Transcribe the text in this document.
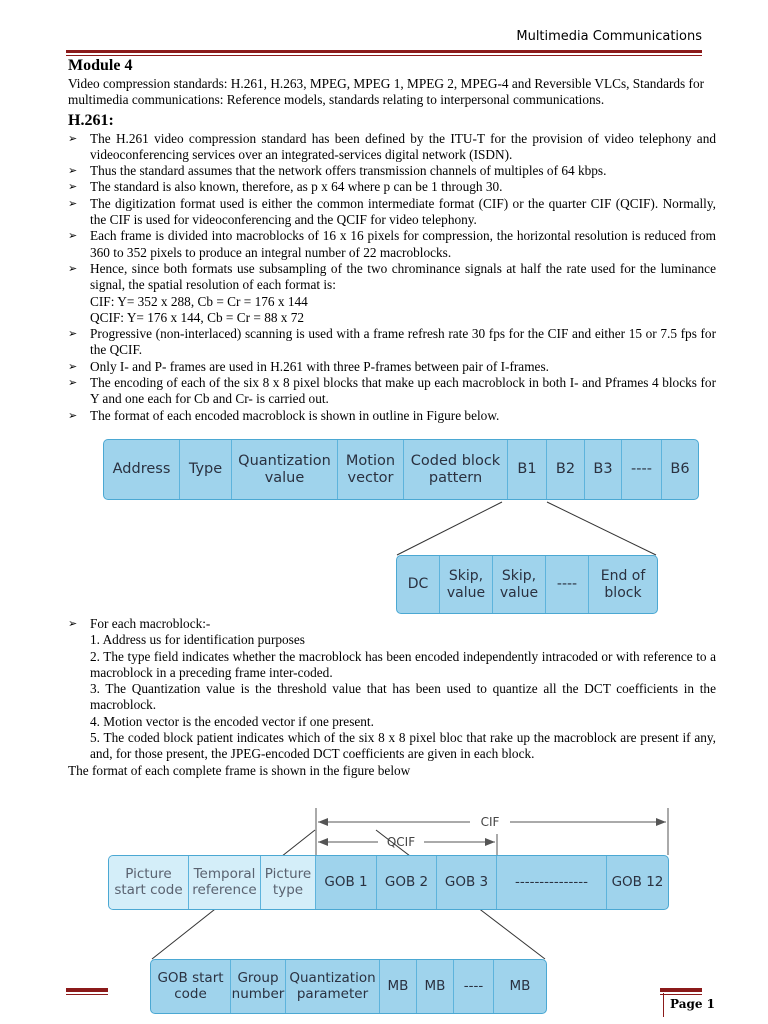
Multimedia Communications
Module 4

Video compression standards: H.261, H.263, MPEG, MPEG 1, MPEG 2, MPEG-4 and Reversible VLCs, Standards for multimedia communications: Reference models, standards relating to interpersonal communications.

H.261:
➢ The H.261 video compression standard has been defined by the ITU-T for the provision of video telephony and videoconferencing services over an integrated-services digital network (ISDN).
➢ Thus the standard assumes that the network offers transmission channels of multiples of 64 kbps.
➢ The standard is also known, therefore, as p x 64 where p can be 1 through 30.
➢ The digitization format used is either the common intermediate format (CIF) or the quarter CIF (QCIF). Normally, the CIF is used for videoconferencing and the QCIF for video telephony.
➢ Each frame is divided into macroblocks of 16 x 16 pixels for compression, the horizontal resolution is reduced from 360 to 352 pixels to produce an integral number of 22 macroblocks.
➢ Hence, since both formats use subsampling of the two chrominance signals at half the rate used for the luminance signal, the spatial resolution of each format is:

CIF: Y= 352 x 288, Cb = Cr = 176 x 144

QCIF: Y= 176 x 144, Cb = Cr = 88 x 72

➢ Progressive (non-interlaced) scanning is used with a frame refresh rate 30 fps for the CIF and either 15 or 7.5 fps for the QCIF.
➢ Only I- and P- frames are used in H.261 with three P-frames between pair of I-frames.
➢ The encoding of each of the six 8 x 8 pixel blocks that make up each macroblock in both I- and Pframes 4 blocks for Y and one each for Cb and Cr- is carried out.
➢ The format of each encoded macroblock is shown in outline in Figure below.
Address	Type
Quantization value
Motion vector
Coded block pattern
B1	B2	B3	----	B6
CIF
QCIF
DC
Skip, value
Skip, value
----
End of block
➢ For each macroblock:-

1. Address us for identification purposes

2. The type field indicates whether the macroblock has been encoded independently intracoded or with reference to a macroblock in a preceding frame inter-coded.

3. The Quantization value is the threshold value that has been used to quantize all the DCT coefficients in the macroblock.

4. Motion vector is the encoded vector if one present.

5. The coded block patient indicates which of the six 8 x 8 pixel bloc that rake up the macroblock are present if any, and, for those present, the JPEG-encoded DCT coefficients are given in each block.

The format of each complete frame is shown in the figure below

Picture start code
Temporal reference
Picture type	GOB 1	GOB 2	GOB 3	---------------	GOB 12
GOB start code
Group number
Quantization parameter	MB	MB	----	MB
Page 1
